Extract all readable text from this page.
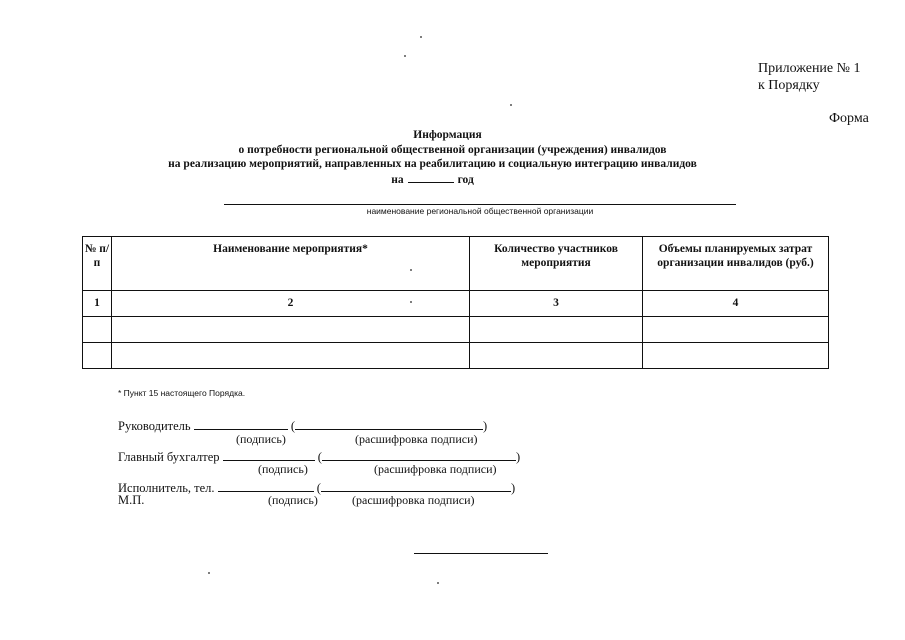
Приложение № 1
к Порядку
Форма
Информация
о потребности региональной общественной организации (учреждения) инвалидов
на реализацию мероприятий, направленных на реабилитацию и социальную интеграцию инвалидов
на	год
наименование региональной общественной организации
№ п/п	Наименование мероприятия*	Количество участников мероприятия	Объемы планируемых затрат организации инвалидов (руб.)
1	2	3	4

* Пункт 15 настоящего Порядка.
Руководитель	(	)
(подпись)	(расшифровка подписи)
Главный бухгалтер	(	)
(подпись)	(расшифровка подписи)
Исполнитель, тел.	(	)
М.П.	(подпись)	(расшифровка подписи)
